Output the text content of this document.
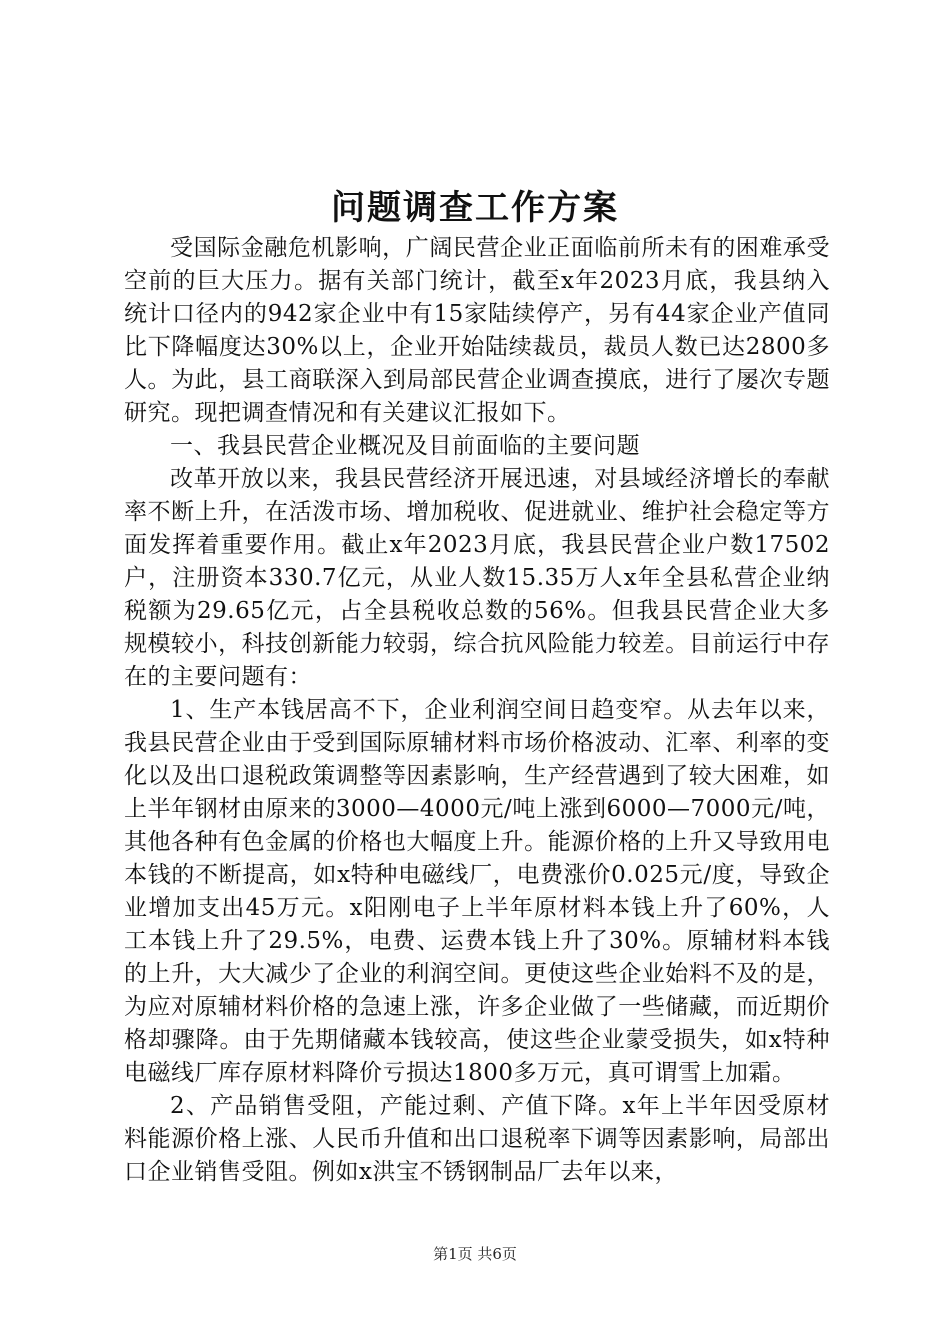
问题调查工作方案

受国际金融危机影响，广阔民营企业正面临前所未有的困难承受空前的巨大压力。据有关部门统计，截至x年2023月底，我县纳入统计口径内的942家企业中有15家陆续停产，另有44家企业产值同比下降幅度达30%以上，企业开始陆续裁员，裁员人数已达2800多人。为此，县工商联深入到局部民营企业调查摸底，进行了屡次专题研究。现把调查情况和有关建议汇报如下。

一、我县民营企业概况及目前面临的主要问题

改革开放以来，我县民营经济开展迅速，对县域经济增长的奉献率不断上升，在活泼市场、增加税收、促进就业、维护社会稳定等方面发挥着重要作用。截止x年2023月底，我县民营企业户数17502户，注册资本330.7亿元，从业人数15.35万人x年全县私营企业纳税额为29.65亿元，占全县税收总数的56%。但我县民营企业大多规模较小，科技创新能力较弱，综合抗风险能力较差。目前运行中存在的主要问题有：

1、生产本钱居高不下，企业利润空间日趋变窄。从去年以来，我县民营企业由于受到国际原辅材料市场价格波动、汇率、利率的变化以及出口退税政策调整等因素影响，生产经营遇到了较大困难，如上半年钢材由原来的3000—4000元/吨上涨到6000—7000元/吨，其他各种有色金属的价格也大幅度上升。能源价格的上升又导致用电本钱的不断提高，如x特种电磁线厂，电费涨价0.025元/度，导致企业增加支出45万元。x阳刚电子上半年原材料本钱上升了60%，人工本钱上升了29.5%，电费、运费本钱上升了30%。原辅材料本钱的上升，大大减少了企业的利润空间。更使这些企业始料不及的是，为应对原辅材料价格的急速上涨，许多企业做了一些储藏，而近期价格却骤降。由于先期储藏本钱较高，使这些企业蒙受损失，如x特种电磁线厂库存原材料降价亏损达1800多万元，真可谓雪上加霜。

2、产品销售受阻，产能过剩、产值下降。x年上半年因受原材料能源价格上涨、人民币升值和出口退税率下调等因素影响，局部出口企业销售受阻。例如x洪宝不锈钢制品厂去年以来，

第1页 共6页
